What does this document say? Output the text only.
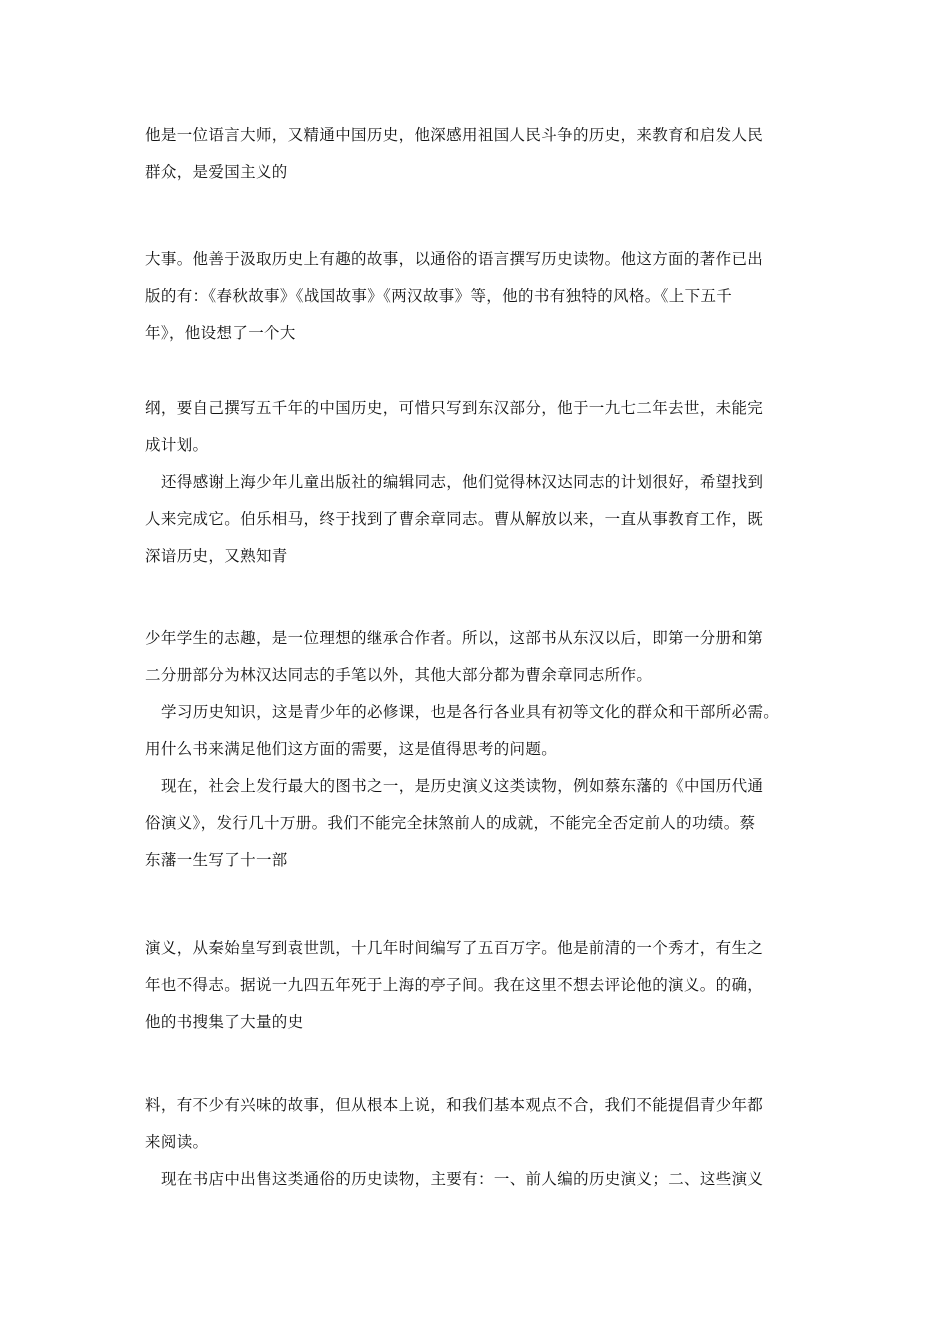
他是一位语言大师，又精通中国历史，他深感用祖国人民斗争的历史，来教育和启发人民
群众，是爱国主义的
大事。他善于汲取历史上有趣的故事，以通俗的语言撰写历史读物。他这方面的著作已出
版的有：《春秋故事》《战国故事》《两汉故事》等，他的书有独特的风格。《上下五千
年》，他设想了一个大
纲，要自己撰写五千年的中国历史，可惜只写到东汉部分，他于一九七二年去世，未能完
成计划。
还得感谢上海少年儿童出版社的编辑同志，他们觉得林汉达同志的计划很好，希望找到
人来完成它。伯乐相马，终于找到了曹余章同志。曹从解放以来，一直从事教育工作，既
深谙历史，又熟知青
少年学生的志趣，是一位理想的继承合作者。所以，这部书从东汉以后，即第一分册和第
二分册部分为林汉达同志的手笔以外，其他大部分都为曹余章同志所作。
学习历史知识，这是青少年的必修课，也是各行各业具有初等文化的群众和干部所必需。
用什么书来满足他们这方面的需要，这是值得思考的问题。
现在，社会上发行最大的图书之一，是历史演义这类读物，例如蔡东藩的《中国历代通
俗演义》，发行几十万册。我们不能完全抹煞前人的成就，不能完全否定前人的功绩。蔡
东藩一生写了十一部
演义，从秦始皇写到袁世凯，十几年时间编写了五百万字。他是前清的一个秀才，有生之
年也不得志。据说一九四五年死于上海的亭子间。我在这里不想去评论他的演义。的确，
他的书搜集了大量的史
料，有不少有兴味的故事，但从根本上说，和我们基本观点不合，我们不能提倡青少年都
来阅读。
现在书店中出售这类通俗的历史读物，主要有：一、前人编的历史演义；二、这些演义
